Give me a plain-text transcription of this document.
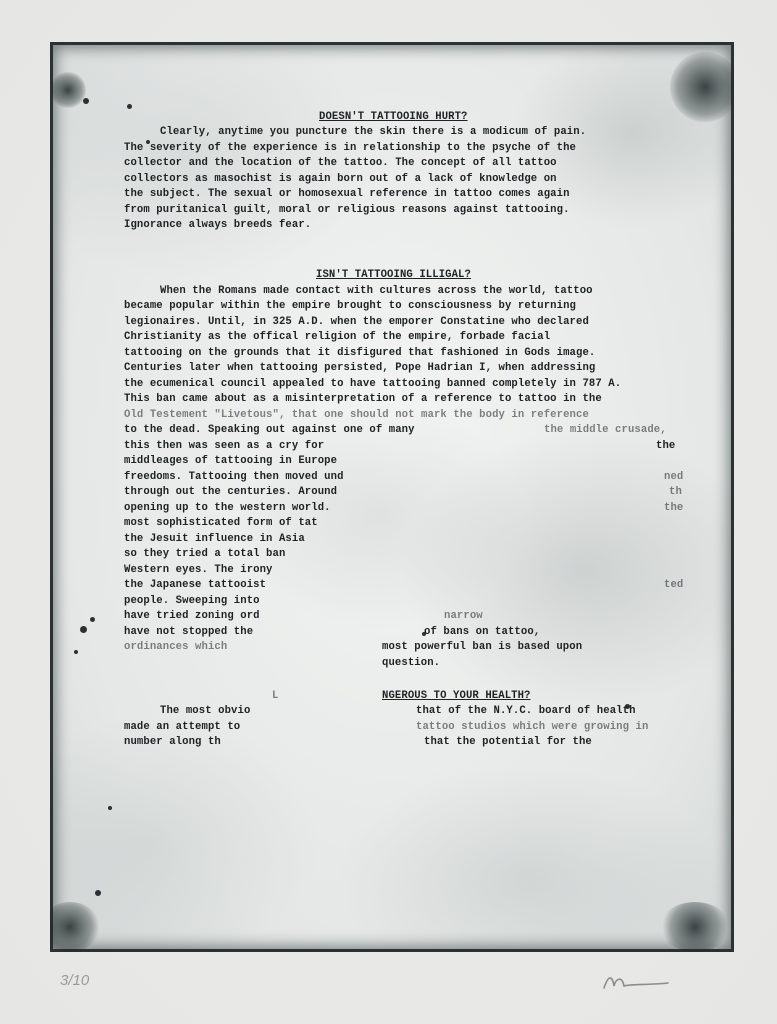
DOESN'T TATTOOING HURT?
Clearly, anytime you puncture the skin there is a modicum of pain.
The severity of the experience is in relationship to the psyche of the
collector and the location of the tattoo. The concept of all tattoo
collectors as masochist is again born out of a lack of knowledge on
the subject. The sexual or homosexual reference in tattoo comes again
from puritanical guilt, moral or religious reasons against tattooing.
Ignorance always breeds fear.
ISN'T TATTOOING ILLIGAL?
When the Romans made contact with cultures across the world, tattoo
became popular within the empire brought to consciousness by returning
legionaires. Until, in 325 A.D. when the emporer Constatine who declared
Christianity as the offical religion of the empire, forbade facial
tattooing on the grounds that it disfigured that fashioned in Gods image.
Centuries later when tattooing persisted, Pope Hadrian I, when addressing
the ecumenical council appealed to have tattooing banned completely in 787 A.
This ban came about as a misinterpretation of a reference to tattoo in the
Old Testement "Livetous", that one should not mark the body in reference
to the dead. Speaking out against one of many
this then was seen as a cry for
middleages of tattooing in Europe
freedoms. Tattooing then moved und
through out the centuries. Around
opening up to the western world.
most sophisticated form of tat
the Jesuit influence in Asia
so they tried a total ban
Western eyes. The irony
the Japanese tattooist
people. Sweeping into
have tried zoning ord
have not stopped the
ordinances which
the middle crusade,
the
ned
th
the
ted
narrow
of bans on tattoo,
most powerful ban is based upon
question.
L	NGEROUS TO YOUR HEALTH?
The most obvio
made an attempt to
number along th
that of the N.Y.C. board of health
tattoo studios which were growing in
that the potential for the
3/10
